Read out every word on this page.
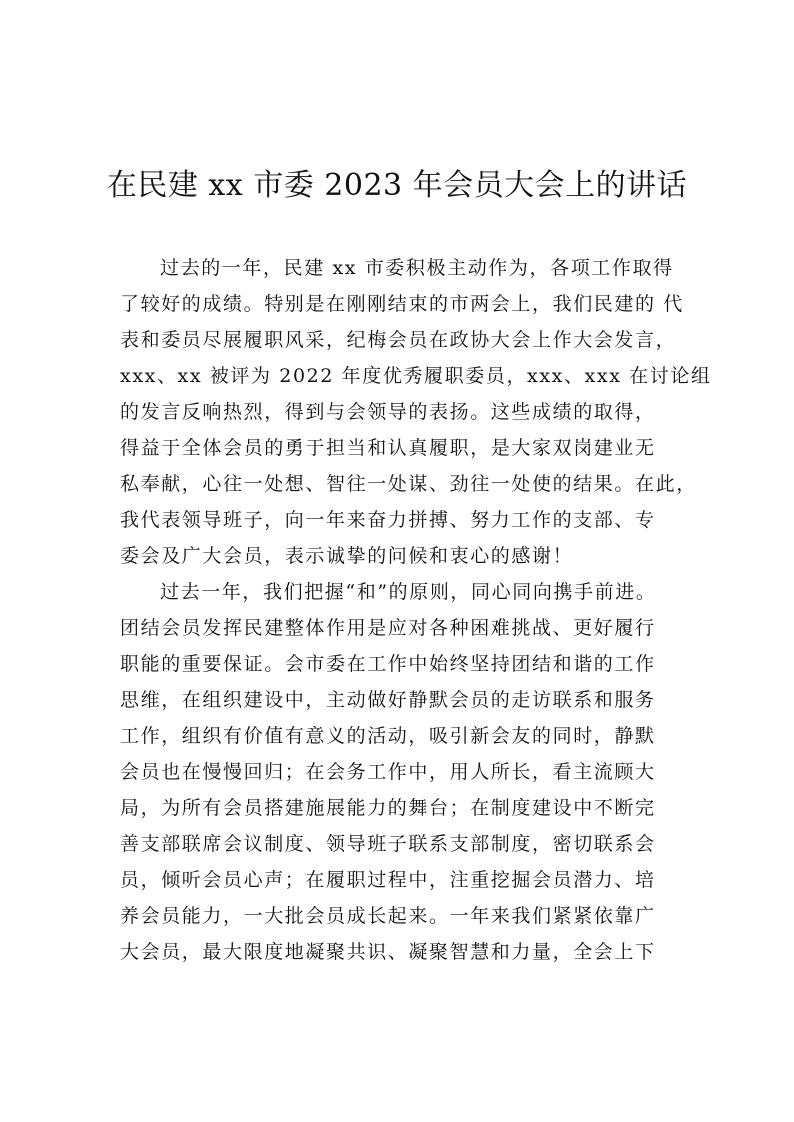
在民建 xx 市委 2023 年会员大会上的讲话
过去的一年，民建 xx 市委积极主动作为，各项工作取得
了较好的成绩。特别是在刚刚结束的市两会上，我们民建的 代
表和委员尽展履职风采，纪梅会员在政协大会上作大会发言，
xxx、xx 被评为 2022 年度优秀履职委员，xxx、xxx 在讨论组
的发言反响热烈，得到与会领导的表扬。这些成绩的取得，
得益于全体会员的勇于担当和认真履职，是大家双岗建业无
私奉献，心往一处想、智往一处谋、劲往一处使的结果。在此，
我代表领导班子，向一年来奋力拼搏、努力工作的支部、专
委会及广大会员，表示诚挚的问候和衷心的感谢！
过去一年，我们把握“和”的原则，同心同向携手前进。
团结会员发挥民建整体作用是应对各种困难挑战、更好履行
职能的重要保证。会市委在工作中始终坚持团结和谐的工作
思维，在组织建设中，主动做好静默会员的走访联系和服务
工作，组织有价值有意义的活动，吸引新会友的同时，静默
会员也在慢慢回归；在会务工作中，用人所长，看主流顾大
局，为所有会员搭建施展能力的舞台；在制度建设中不断完
善支部联席会议制度、领导班子联系支部制度，密切联系会
员，倾听会员心声；在履职过程中，注重挖掘会员潜力、培
养会员能力，一大批会员成长起来。一年来我们紧紧依靠广
大会员，最大限度地凝聚共识、凝聚智慧和力量，全会上下
